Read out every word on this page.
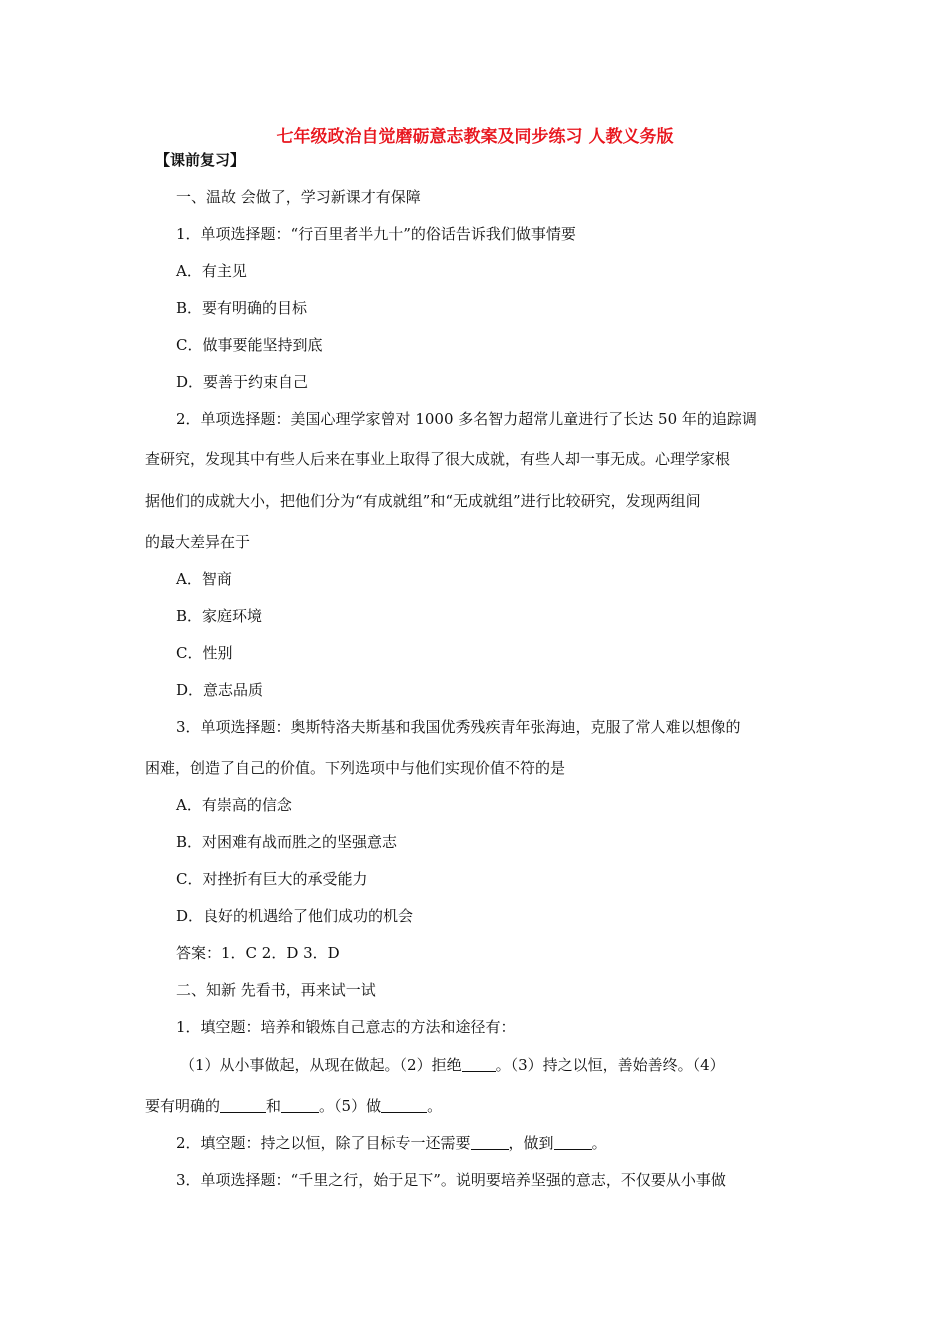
七年级政治自觉磨砺意志教案及同步练习 人教义务版
【课前复习】
一、温故 会做了，学习新课才有保障
1．单项选择题：“行百里者半九十”的俗话告诉我们做事情要
A．有主见
B．要有明确的目标
C．做事要能坚持到底
D．要善于约束自己
2．单项选择题：美国心理学家曾对 1000 多名智力超常儿童进行了长达 50 年的追踪调
查研究，发现其中有些人后来在事业上取得了很大成就，有些人却一事无成。心理学家根
据他们的成就大小，把他们分为“有成就组”和“无成就组”进行比较研究，发现两组间
的最大差异在于
A．智商
B．家庭环境
C．性别
D．意志品质
3．单项选择题：奥斯特洛夫斯基和我国优秀残疾青年张海迪，克服了常人难以想像的
困难，创造了自己的价值。下列选项中与他们实现价值不符的是
A．有崇高的信念
B．对困难有战而胜之的坚强意志
C．对挫折有巨大的承受能力
D．良好的机遇给了他们成功的机会
答案：1．C 2．D 3．D
二、知新 先看书，再来试一试
1．填空题：培养和锻炼自己意志的方法和途径有：
（1）从小事做起，从现在做起。（2）拒绝 。（3）持之以恒，善始善终。（4）
要有明确的	和	。（5）做	。
2．填空题：持之以恒，除了目标专一还需要	，做到	。
3．单项选择题：“千里之行，始于足下”。说明要培养坚强的意志，不仅要从小事做
